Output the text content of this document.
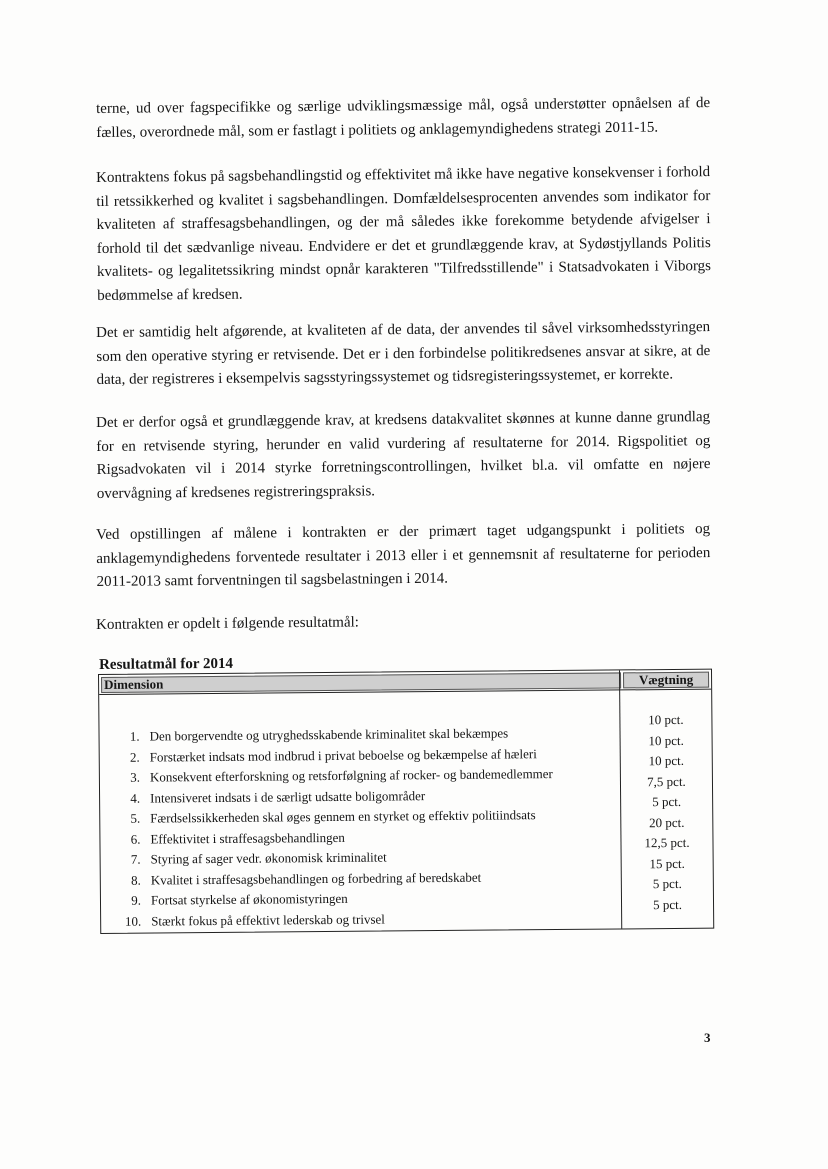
terne, ud over fagspecifikke og særlige udviklingsmæssige mål, også understøtter opnåelsen af de fælles, overordnede mål, som er fastlagt i politiets og anklagemyndighedens strategi 2011-15.

Kontraktens fokus på sagsbehandlingstid og effektivitet må ikke have negative konsekvenser i forhold til retssikkerhed og kvalitet i sagsbehandlingen. Domfældelsesprocenten anvendes som indikator for kvaliteten af straffesagsbehandlingen, og der må således ikke forekomme betydende afvigelser i forhold til det sædvanlige niveau. Endvidere er det et grundlæggende krav, at Sydøstjyllands Politis kvalitets- og legalitetssikring mindst opnår karakteren "Tilfredsstillende" i Statsadvokaten i Viborgs bedømmelse af kredsen.

Det er samtidig helt afgørende, at kvaliteten af de data, der anvendes til såvel virksomhedsstyringen som den operative styring er retvisende. Det er i den forbindelse politikredsenes ansvar at sikre, at de data, der registreres i eksempelvis sagsstyringssystemet og tidsregisteringssystemet, er korrekte.

Det er derfor også et grundlæggende krav, at kredsens datakvalitet skønnes at kunne danne grundlag for en retvisende styring, herunder en valid vurdering af resultaterne for 2014. Rigspolitiet og Rigsadvokaten vil i 2014 styrke forretningscontrollingen, hvilket bl.a. vil omfatte en nøjere overvågning af kredsenes registreringspraksis.

Ved opstillingen af målene i kontrakten er der primært taget udgangspunkt i politiets og anklagemyndighedens forventede resultater i 2013 eller i et gennemsnit af resultaterne for perioden 2011-2013 samt forventningen til sagsbelastningen i 2014.

Kontrakten er opdelt i følgende resultatmål:

Resultatmål for 2014
Dimension	Vægtning
1. Den borgervendte og utryghedsskabende kriminalitet skal bekæmpes
2. Forstærket indsats mod indbrud i privat beboelse og bekæmpelse af hæleri
3. Konsekvent efterforskning og retsforfølgning af rocker- og bandemedlemmer
4. Intensiveret indsats i de særligt udsatte boligområder
5. Færdselssikkerheden skal øges gennem en styrket og effektiv politiindsats
6. Effektivitet i straffesagsbehandlingen
7. Styring af sager vedr. økonomisk kriminalitet
8. Kvalitet i straffesagsbehandlingen og forbedring af beredskabet
9. Fortsat styrkelse af økonomistyringen
10. Stærkt fokus på effektivt lederskab og trivsel
10 pct.
10 pct.
10 pct.
7,5 pct.
5 pct.
20 pct.
12,5 pct.
15 pct.
5 pct.
5 pct.
3
